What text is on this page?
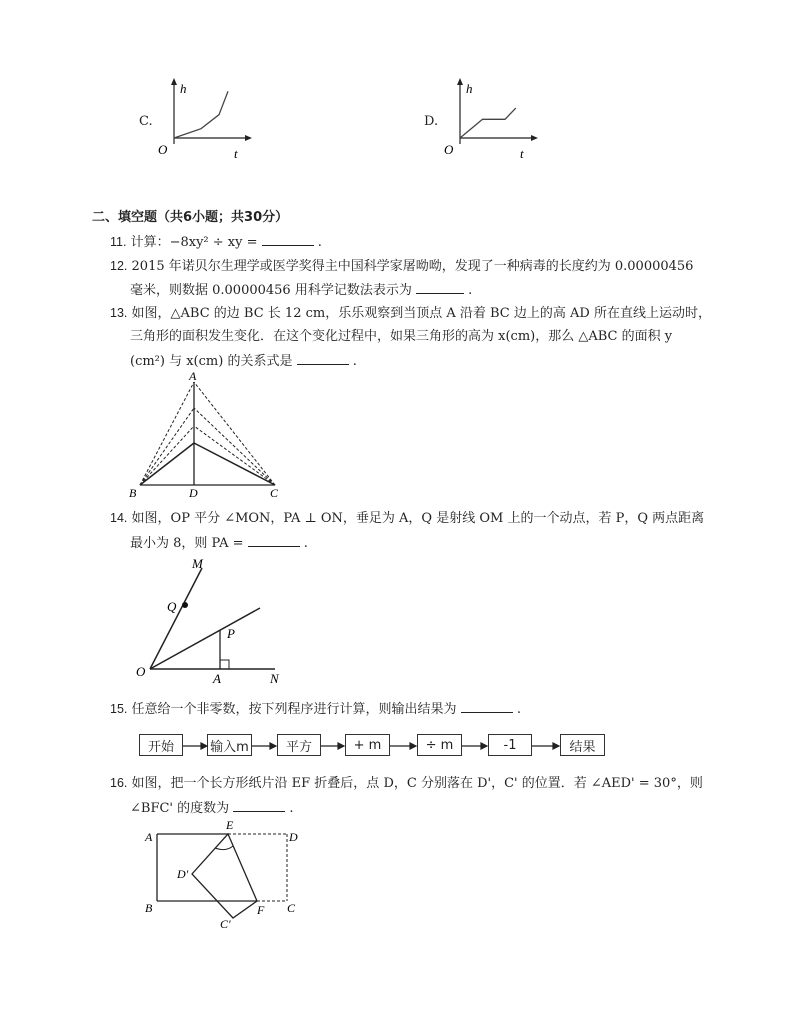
C.
h
t
O
D.
h
t
O
二、填空题（共6小题；共30分）
11. 计算：−8xy² ÷ xy =	.
12. 2015 年诺贝尔生理学或医学奖得主中国科学家屠呦呦，发现了一种病毒的长度约为 0.00000456
毫米，则数据 0.00000456 用科学记数法表示为	.
13. 如图，△ABC 的边 BC 长 12 cm，乐乐观察到当顶点 A 沿着 BC 边上的高 AD 所在直线上运动时，
三角形的面积发生变化．在这个变化过程中，如果三角形的高为 x(cm)，那么 △ABC 的面积 y
(cm²) 与 x(cm) 的关系式是	.
A
B	D	C
14. 如图，OP 平分 ∠MON，PA ⊥ ON，垂足为 A，Q 是射线 OM 上的一个动点，若 P，Q 两点距离
最小为 8，则 PA =	.
M
Q
P
O	A	N
15. 任意给一个非零数，按下列程序进行计算，则输出结果为	.
开始	输入m	平方	+ m	÷ m	-1	结果
16. 如图，把一个长方形纸片沿 EF 折叠后，点 D，C 分别落在 D'，C' 的位置．若 ∠AED' = 30°，则
∠BFC' 的度数为	.
A
E
D
D'
B	F C
C'
